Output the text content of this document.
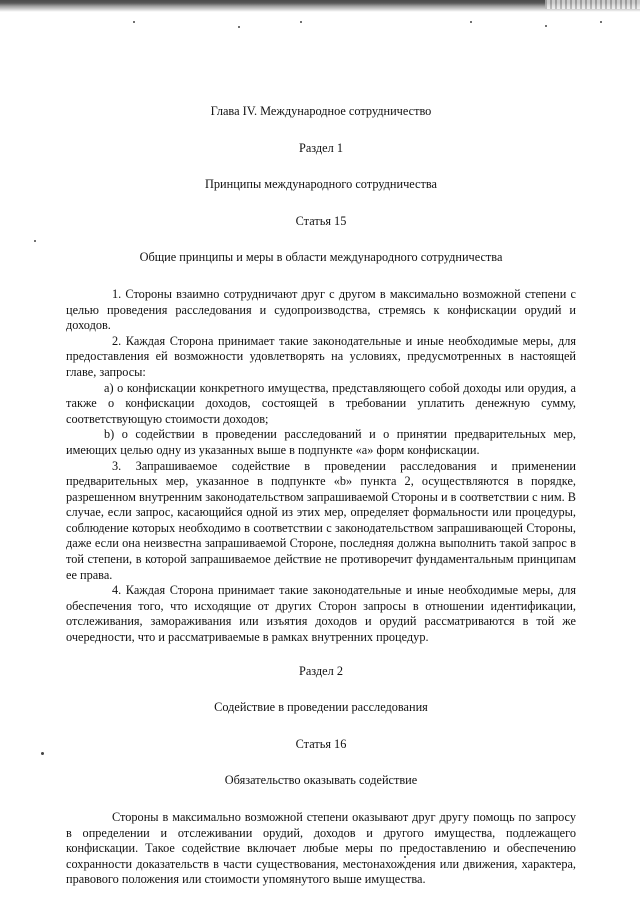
Глава IV. Международное сотрудничество

Раздел 1

Принципы международного сотрудничества

Статья 15

Общие принципы и меры в области международного сотрудничества

1. Стороны взаимно сотрудничают друг с другом в максимально возможной степени с целью проведения расследования и судопроизводства, стремясь к конфискации орудий и доходов.

2. Каждая Сторона принимает такие законодательные и иные необходимые меры, для предоставления ей возможности удовлетворять на условиях, предусмотренных в настоящей главе, запросы:

a) о конфискации конкретного имущества, представляющего собой доходы или орудия, а также о конфискации доходов, состоящей в требовании уплатить денежную сумму, соответствующую стоимости доходов;

b) о содействии в проведении расследований и о принятии предварительных мер, имеющих целью одну из указанных выше в подпункте «a» форм конфискации.

3. Запрашиваемое содействие в проведении расследования и применении предварительных мер, указанное в подпункте «b» пункта 2, осуществляются в порядке, разрешенном внутренним законодательством запрашиваемой Стороны и в соответствии с ним. В случае, если запрос, касающийся одной из этих мер, определяет формальности или процедуры, соблюдение которых необходимо в соответствии с законодательством запрашивающей Стороны, даже если она неизвестна запрашиваемой Стороне, последняя должна выполнить такой запрос в той степени, в которой запрашиваемое действие не противоречит фундаментальным принципам ее права.

4. Каждая Сторона принимает такие законодательные и иные необходимые меры, для обеспечения того, что исходящие от других Сторон запросы в отношении идентификации, отслеживания, замораживания или изъятия доходов и орудий рассматриваются в той же очередности, что и рассматриваемые в рамках внутренних процедур.

Раздел 2

Содействие в проведении расследования

Статья 16

Обязательство оказывать содействие

Стороны в максимально возможной степени оказывают друг другу помощь по запросу в определении и отслеживании орудий, доходов и другого имущества, подлежащего конфискации. Такое содействие включает любые меры по предоставлению и обеспечению сохранности доказательств в части существования, местонахождения или движения, характера, правового положения или стоимости упомянутого выше имущества.
